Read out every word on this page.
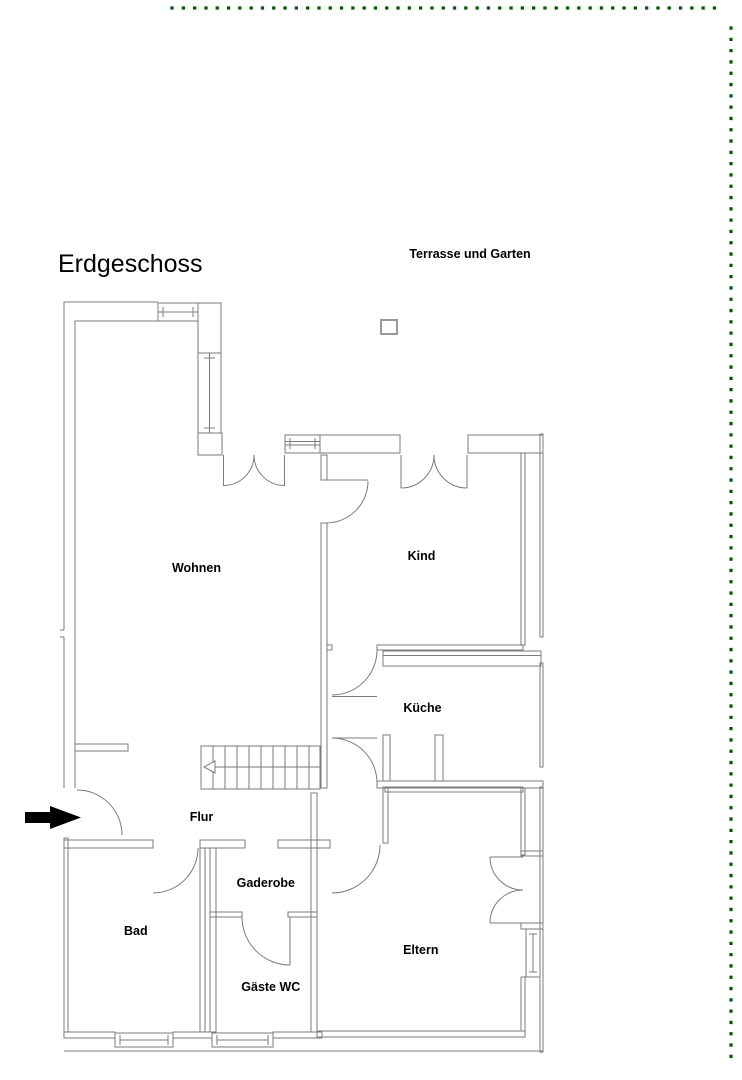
Erdgeschoss	Terrasse und Garten
Wohnen
Kind
Küche
Flur
Bad
Gaderobe
Gäste WC
Eltern
